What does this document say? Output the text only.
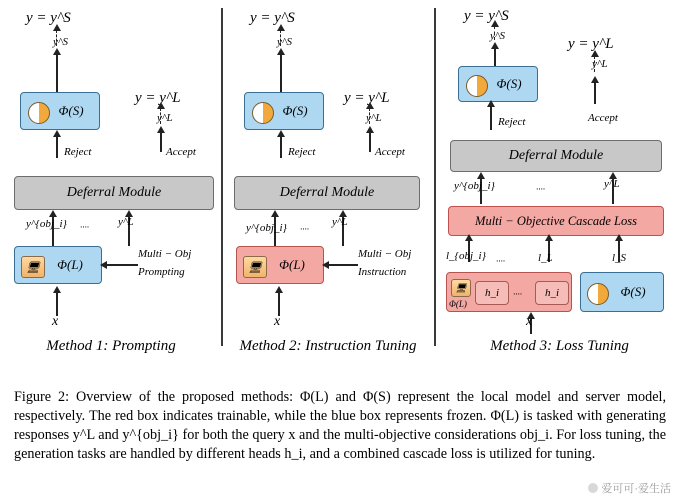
y = y^S
y^S
Φ(S)
y = y^L
y^L
Reject	Accept
Deferral Module
y^{obj_i} ····	y^L
🖥	Φ(L)
Multi − Obj
Prompting
x
Method 1: Prompting
y = y^S
y^S
Φ(S)
y = y^L
y^L
Reject	Accept
Deferral Module
y^{obj_i} ····
y^L
🖥	Φ(L)
Multi − Obj
Instruction
x
Method 2: Instruction Tuning
y = y^S
y^S
Φ(S)
y = y^L
y^L
Reject	Accept
Deferral Module
y^{obj_i}	····	y^L
Multi − Objective Cascade Loss
l_{obj_i} ····	l_L	l_S
🖥
Φ(L)
h_i ···· h_i	Φ(S)
x
Method 3: Loss Tuning
Figure 2: Overview of the proposed methods: Φ(L) and Φ(S) represent the local model and server model, respectively. The red box indicates trainable, while the blue box represents frozen. Φ(L) is tasked with generating responses y^L and y^{obj_i} for both the query x and the multi-objective considerations obj_i. For loss tuning, the generation tasks are handled by different heads h_i, and a combined cascade loss is utilized for tuning.
爱可可·爱生活
